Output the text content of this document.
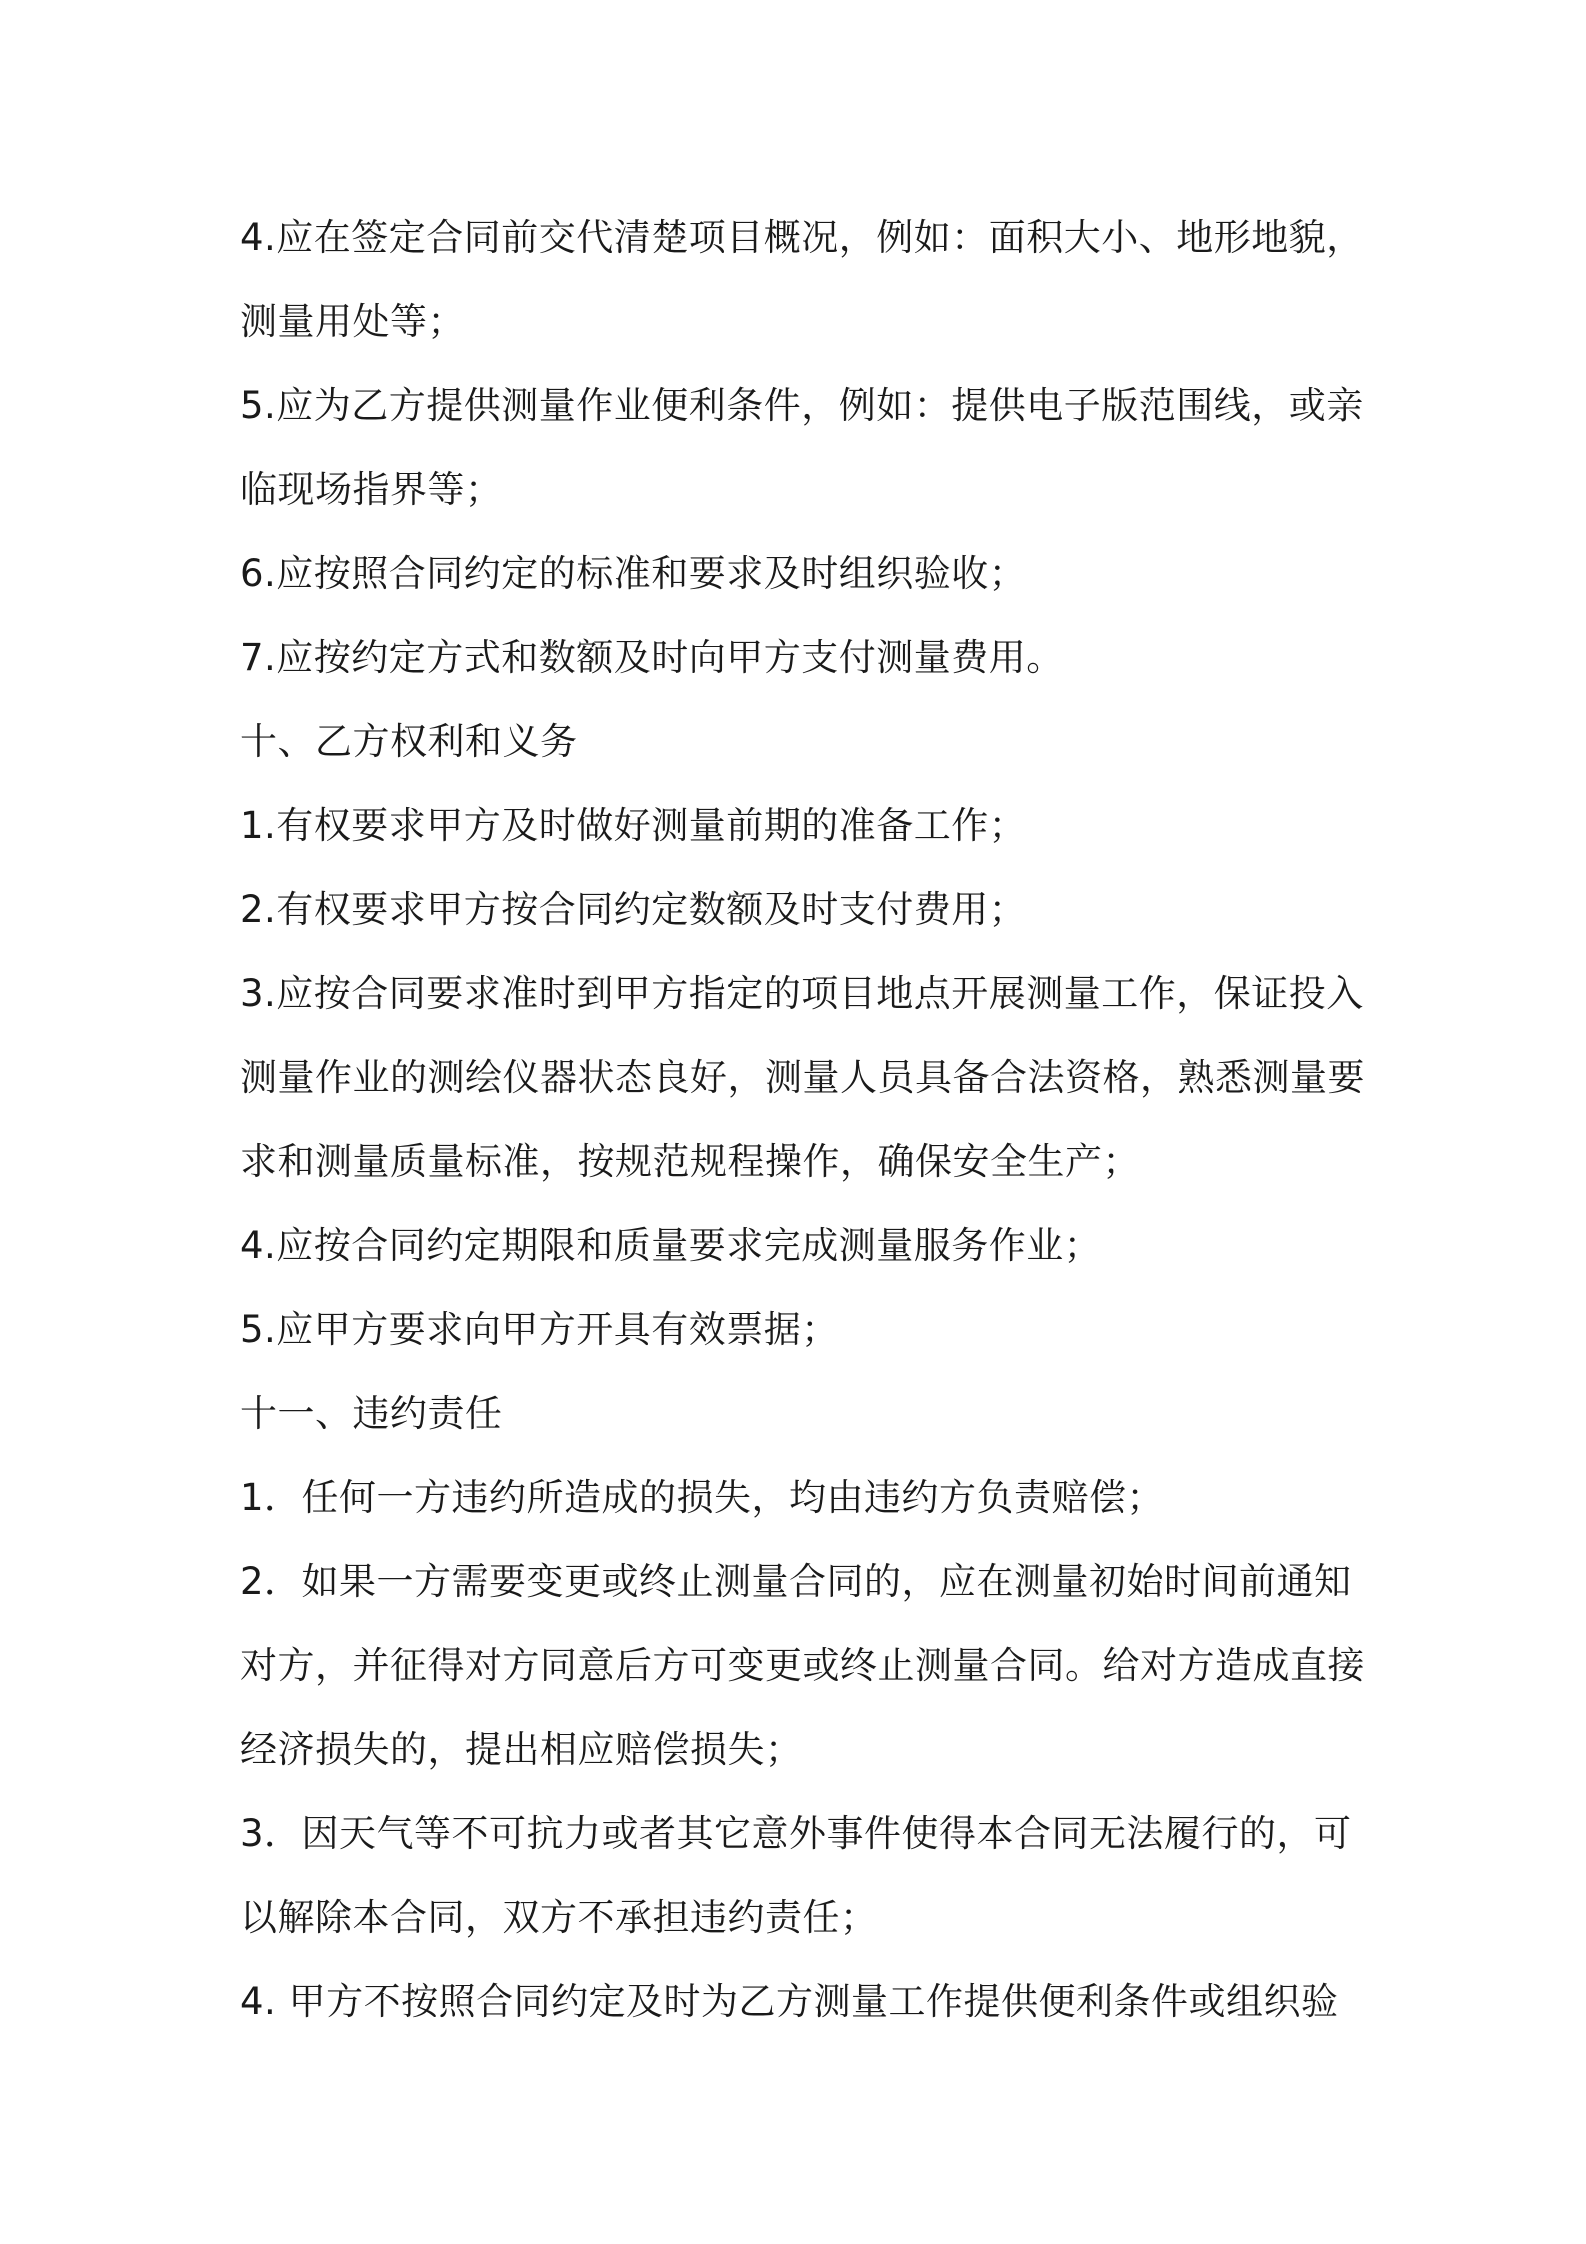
4.应在签定合同前交代清楚项目概况，例如：面积大小、地形地貌，
测量用处等；
5.应为乙方提供测量作业便利条件，例如：提供电子版范围线，或亲
临现场指界等；
6.应按照合同约定的标准和要求及时组织验收；
7.应按约定方式和数额及时向甲方支付测量费用。
十、乙方权利和义务
1.有权要求甲方及时做好测量前期的准备工作；
2.有权要求甲方按合同约定数额及时支付费用；
3.应按合同要求准时到甲方指定的项目地点开展测量工作，保证投入
测量作业的测绘仪器状态良好，测量人员具备合法资格，熟悉测量要
求和测量质量标准，按规范规程操作，确保安全生产；
4.应按合同约定期限和质量要求完成测量服务作业；
5.应甲方要求向甲方开具有效票据；
十一、违约责任
1．任何一方违约所造成的损失，均由违约方负责赔偿；
2．如果一方需要变更或终止测量合同的，应在测量初始时间前通知
对方，并征得对方同意后方可变更或终止测量合同。给对方造成直接
经济损失的，提出相应赔偿损失；
3．因天气等不可抗力或者其它意外事件使得本合同无法履行的，可
以解除本合同，双方不承担违约责任；
4. 甲方不按照合同约定及时为乙方测量工作提供便利条件或组织验
